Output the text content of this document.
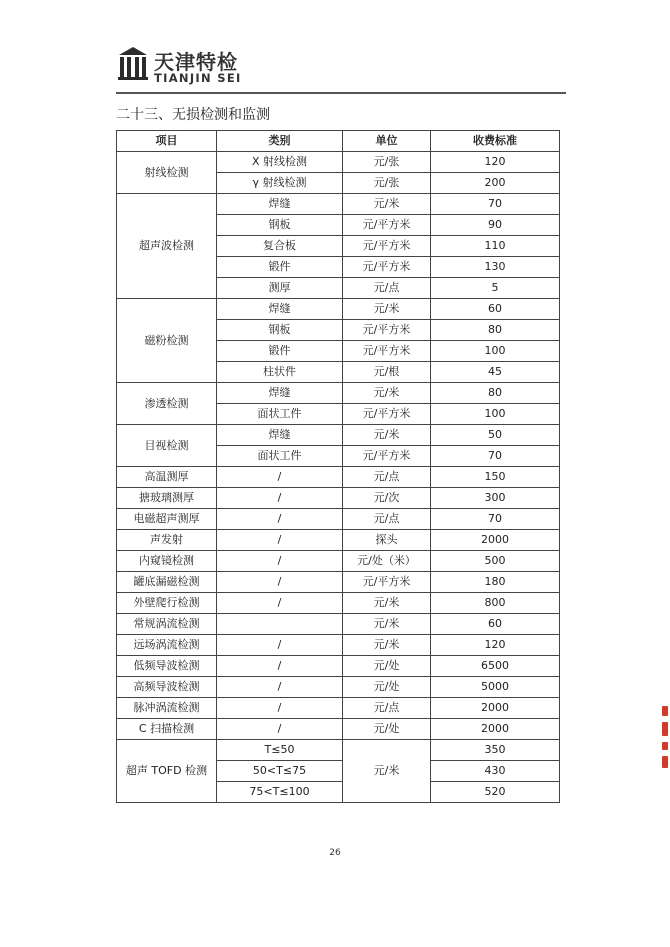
天津特检
TIANJIN SEI
二十三、无损检测和监测
项目	类别	单位	收费标准
射线检测	X 射线检测	元/张	120
	γ 射线检测	元/张	200
超声波检测	焊缝	元/米	70
	钢板	元/平方米	90
	复合板	元/平方米	110
	锻件	元/平方米	130
	测厚	元/点	5
磁粉检测	焊缝	元/米	60
	钢板	元/平方米	80
	锻件	元/平方米	100
	柱状件	元/根	45
渗透检测	焊缝	元/米	80
	面状工件	元/平方米	100
目视检测	焊缝	元/米	50
	面状工件	元/平方米	70
高温测厚	/	元/点	150
搪玻璃测厚	/	元/次	300
电磁超声测厚	/	元/点	70
声发射	/	探头	2000
内窥镜检测	/	元/处（米）	500
罐底漏磁检测	/	元/平方米	180
外壁爬行检测	/	元/米	800
常规涡流检测		元/米	60
远场涡流检测	/	元/米	120
低频导波检测	/	元/处	6500
高频导波检测	/	元/处	5000
脉冲涡流检测	/	元/点	2000
C 扫描检测	/	元/处	2000
超声 TOFD 检测	T≤50	元/米	350
	50<T≤75		430
	75<T≤100		520
26
